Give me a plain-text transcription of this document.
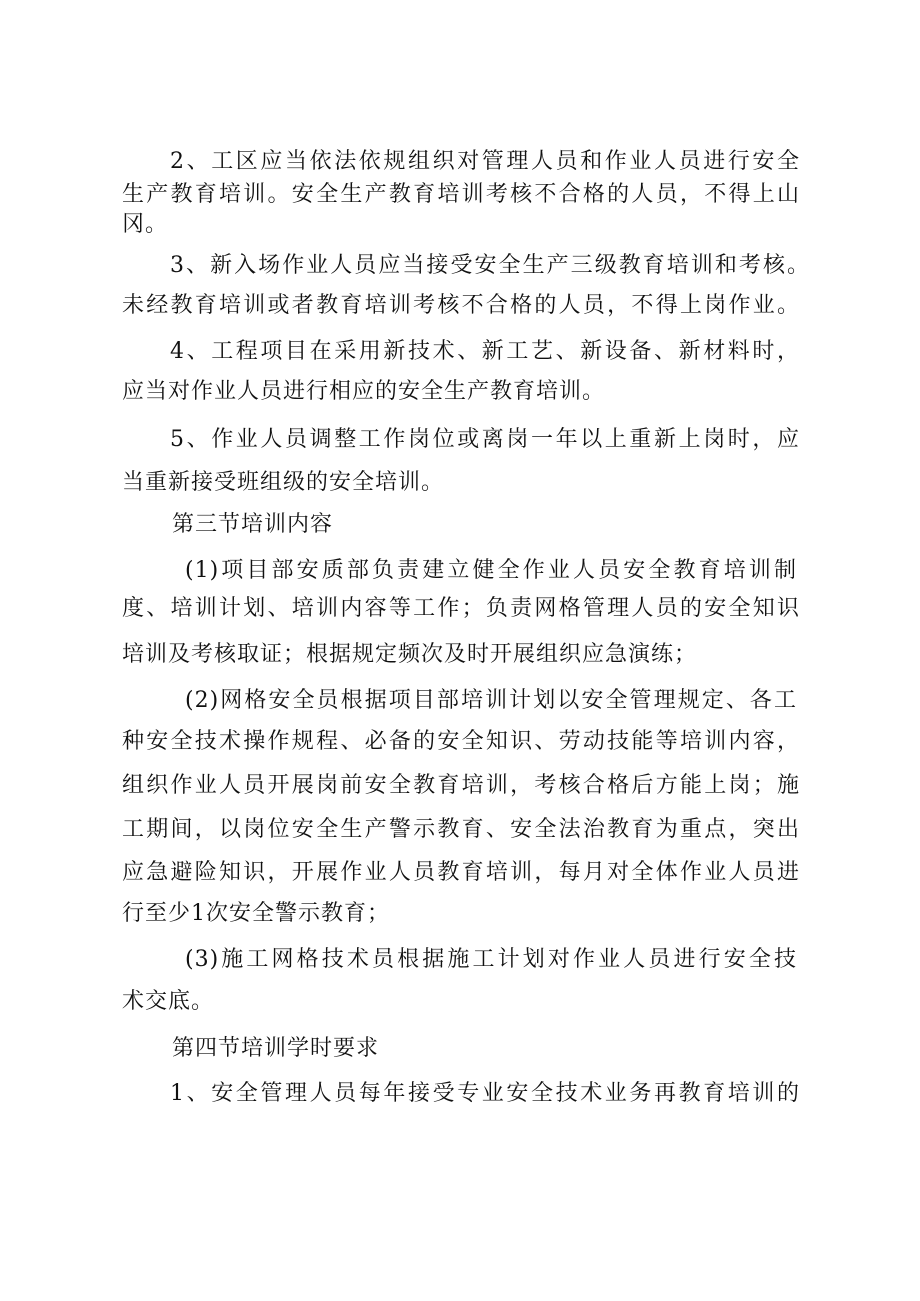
2、工区应当依法依规组织对管理人员和作业人员进行安全
生产教育培训。安全生产教育培训考核不合格的人员，不得上山
冈。
3、新入场作业人员应当接受安全生产三级教育培训和考核。
未经教育培训或者教育培训考核不合格的人员，不得上岗作业。
4、工程项目在采用新技术、新工艺、新设备、新材料时，
应当对作业人员进行相应的安全生产教育培训。
5、作业人员调整工作岗位或离岗一年以上重新上岗时，应
当重新接受班组级的安全培训。
第三节培训内容
(1)项目部安质部负责建立健全作业人员安全教育培训制
度、培训计划、培训内容等工作；负责网格管理人员的安全知识
培训及考核取证；根据规定频次及时开展组织应急演练；
(2)网格安全员根据项目部培训计划以安全管理规定、各工
种安全技术操作规程、必备的安全知识、劳动技能等培训内容，
组织作业人员开展岗前安全教育培训，考核合格后方能上岗；施
工期间，以岗位安全生产警示教育、安全法治教育为重点，突出
应急避险知识，开展作业人员教育培训，每月对全体作业人员进
行至少1次安全警示教育；
(3)施工网格技术员根据施工计划对作业人员进行安全技
术交底。
第四节培训学时要求
1、安全管理人员每年接受专业安全技术业务再教育培训的
